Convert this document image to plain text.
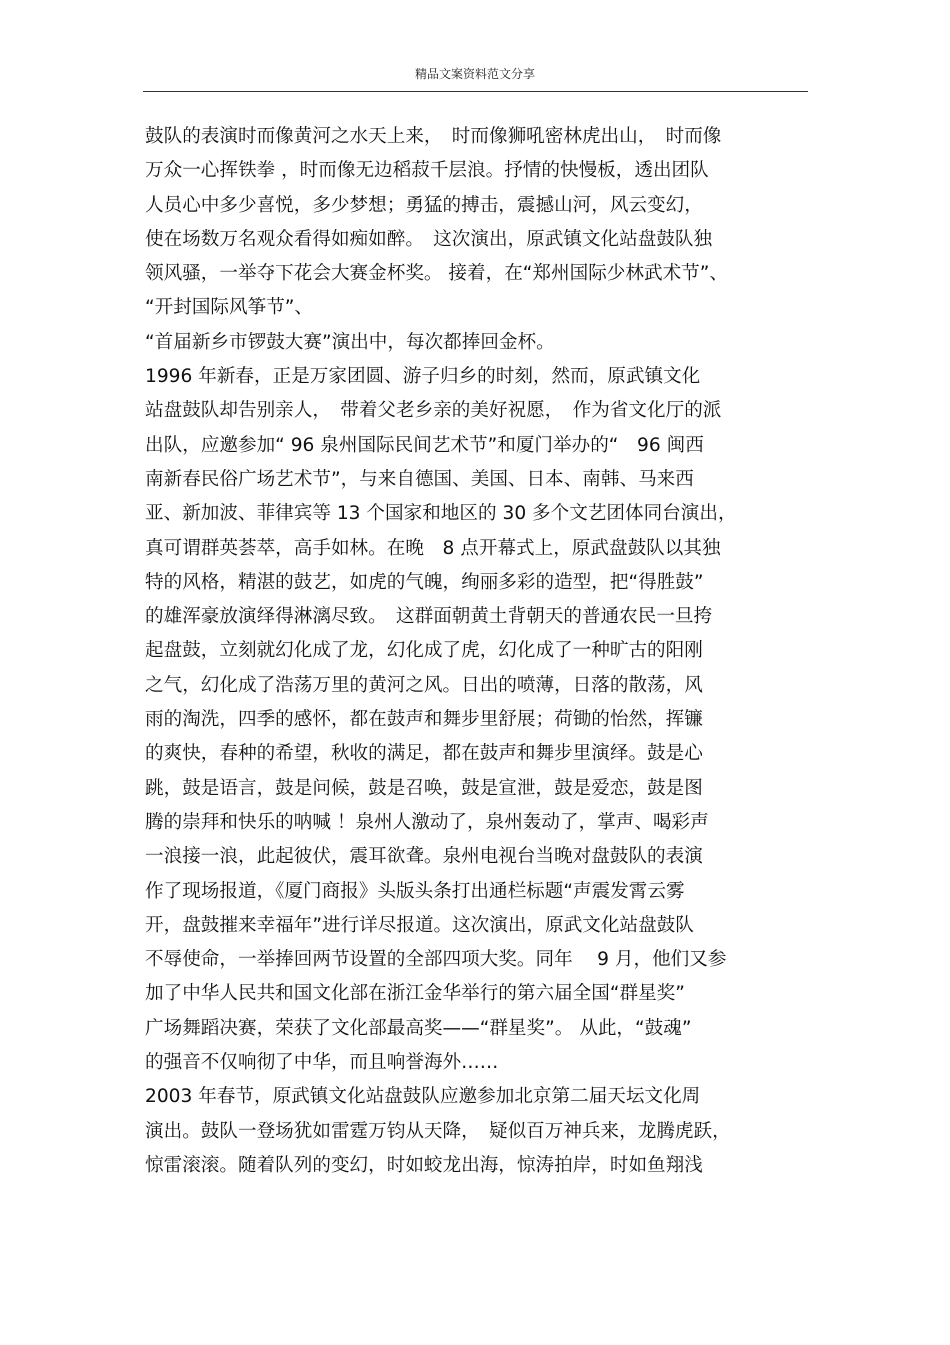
精品文案资料范文分享
鼓队的表演时而像黄河之水天上来，　时而像狮吼密林虎出山，　时而像
万众一心挥铁拳 ，时而像无边稻菽千层浪。抒情的快慢板，透出团队
人员心中多少喜悦，多少梦想；勇猛的搏击，震撼山河，风云变幻，
使在场数万名观众看得如痴如醉。　这次演出，原武镇文化站盘鼓队独
领风骚，一举夺下花会大赛金杯奖。 接着，在“郑州国际少林武术节”、
“开封国际风筝节”、
“首届新乡市锣鼓大赛”演出中，每次都捧回金杯。
1996 年新春，正是万家团圆、游子归乡的时刻，然而，原武镇文化
站盘鼓队却告别亲人，　带着父老乡亲的美好祝愿，　作为省文化厅的派
出队，应邀参加“ 96 泉州国际民间艺术节”和厦门举办的“　96 闽西
南新春民俗广场艺术节”，与来自德国、美国、日本、南韩、马来西
亚、新加波、菲律宾等 13 个国家和地区的 30 多个文艺团体同台演出，
真可谓群英荟萃，高手如林。在晚　8 点开幕式上，原武盘鼓队以其独
特的风格，精湛的鼓艺，如虎的气魄，绚丽多彩的造型，把“得胜鼓”
的雄浑豪放演绎得淋漓尽致。　这群面朝黄土背朝天的普通农民一旦挎
起盘鼓，立刻就幻化成了龙，幻化成了虎，幻化成了一种旷古的阳刚
之气，幻化成了浩荡万里的黄河之风。日出的喷薄，日落的散荡，风
雨的淘洗，四季的感怀，都在鼓声和舞步里舒展；荷锄的怡然，挥镰
的爽快，春种的希望，秋收的满足，都在鼓声和舞步里演绎。鼓是心
跳，鼓是语言，鼓是问候，鼓是召唤，鼓是宣泄，鼓是爱恋，鼓是图
腾的崇拜和快乐的呐喊 ！泉州人激动了，泉州轰动了，掌声、喝彩声
一浪接一浪，此起彼伏，震耳欲聋。泉州电视台当晚对盘鼓队的表演
作了现场报道，《厦门商报》头版头条打出通栏标题“声震发霄云雾
开，盘鼓摧来幸福年”进行详尽报道。这次演出，原武文化站盘鼓队
不辱使命，一举捧回两节设置的全部四项大奖。同年　 9 月，他们又参
加了中华人民共和国文化部在浙江金华举行的第六届全国“群星奖”
广场舞蹈决赛，荣获了文化部最高奖——“群星奖”。 从此，“鼓魂”
的强音不仅响彻了中华，而且响誉海外……
2003 年春节，原武镇文化站盘鼓队应邀参加北京第二届天坛文化周
演出。鼓队一登场犹如雷霆万钧从天降，　疑似百万神兵来，龙腾虎跃，
惊雷滚滚。随着队列的变幻，时如蛟龙出海，惊涛拍岸，时如鱼翔浅
